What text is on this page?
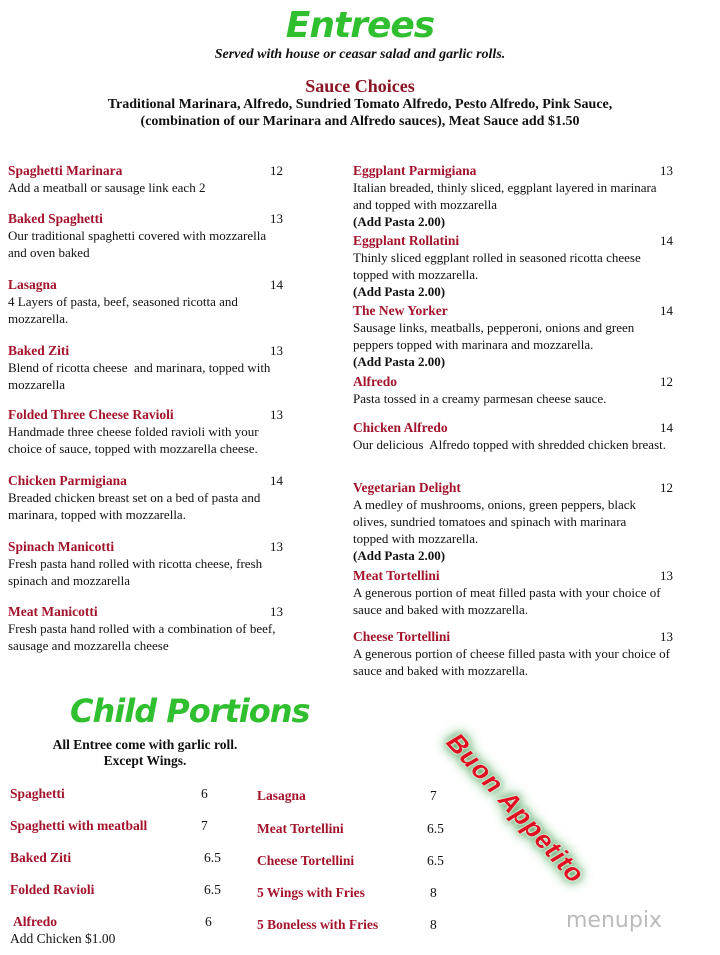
Entrees
Served with house or ceasar salad and garlic rolls.
Sauce Choices
Traditional Marinara, Alfredo, Sundried Tomato Alfredo, Pesto Alfredo, Pink Sauce,
(combination of our Marinara and Alfredo sauces), Meat Sauce add $1.50
Spaghetti Marinara	12
Add a meatball or sausage link each 2
Baked Spaghetti	13
Our traditional spaghetti covered with mozzarella
and oven baked
Lasagna	14
4 Layers of pasta, beef, seasoned ricotta and
mozzarella.
Baked Ziti	13
Blend of ricotta cheese  and marinara, topped with
mozzarella
Folded Three Cheese Ravioli	13
Handmade three cheese folded ravioli with your
choice of sauce, topped with mozzarella cheese.
Chicken Parmigiana	14
Breaded chicken breast set on a bed of pasta and
marinara, topped with mozzarella.
Spinach Manicotti	13
Fresh pasta hand rolled with ricotta cheese, fresh
spinach and mozzarella
Meat Manicotti	13
Fresh pasta hand rolled with a combination of beef,
sausage and mozzarella cheese
Eggplant Parmigiana	13
Italian breaded, thinly sliced, eggplant layered in marinara
and topped with mozzarella
(Add Pasta 2.00)
Eggplant Rollatini	14
Thinly sliced eggplant rolled in seasoned ricotta cheese
topped with mozzarella.
(Add Pasta 2.00)
The New Yorker	14
Sausage links, meatballs, pepperoni, onions and green
peppers topped with marinara and mozzarella.
(Add Pasta 2.00)
Alfredo	12
Pasta tossed in a creamy parmesan cheese sauce.
Chicken Alfredo	14
Our delicious  Alfredo topped with shredded chicken breast.
Vegetarian Delight	12
A medley of mushrooms, onions, green peppers, black
olives, sundried tomatoes and spinach with marinara
topped with mozzarella.
(Add Pasta 2.00)
Meat Tortellini	13
A generous portion of meat filled pasta with your choice of
sauce and baked with mozzarella.
Cheese Tortellini	13
A generous portion of cheese filled pasta with your choice of
sauce and baked with mozzarella.
Child Portions
All Entree come with garlic roll.
Except Wings.
Spaghetti	6
Spaghetti with meatball	7
Baked Ziti	6.5
Folded Ravioli	6.5
Alfredo	6
Add Chicken $1.00
Lasagna	7
Meat Tortellini	6.5
Cheese Tortellini	6.5
5 Wings with Fries	8
5 Boneless with Fries	8
Buon Appetito
menupix
